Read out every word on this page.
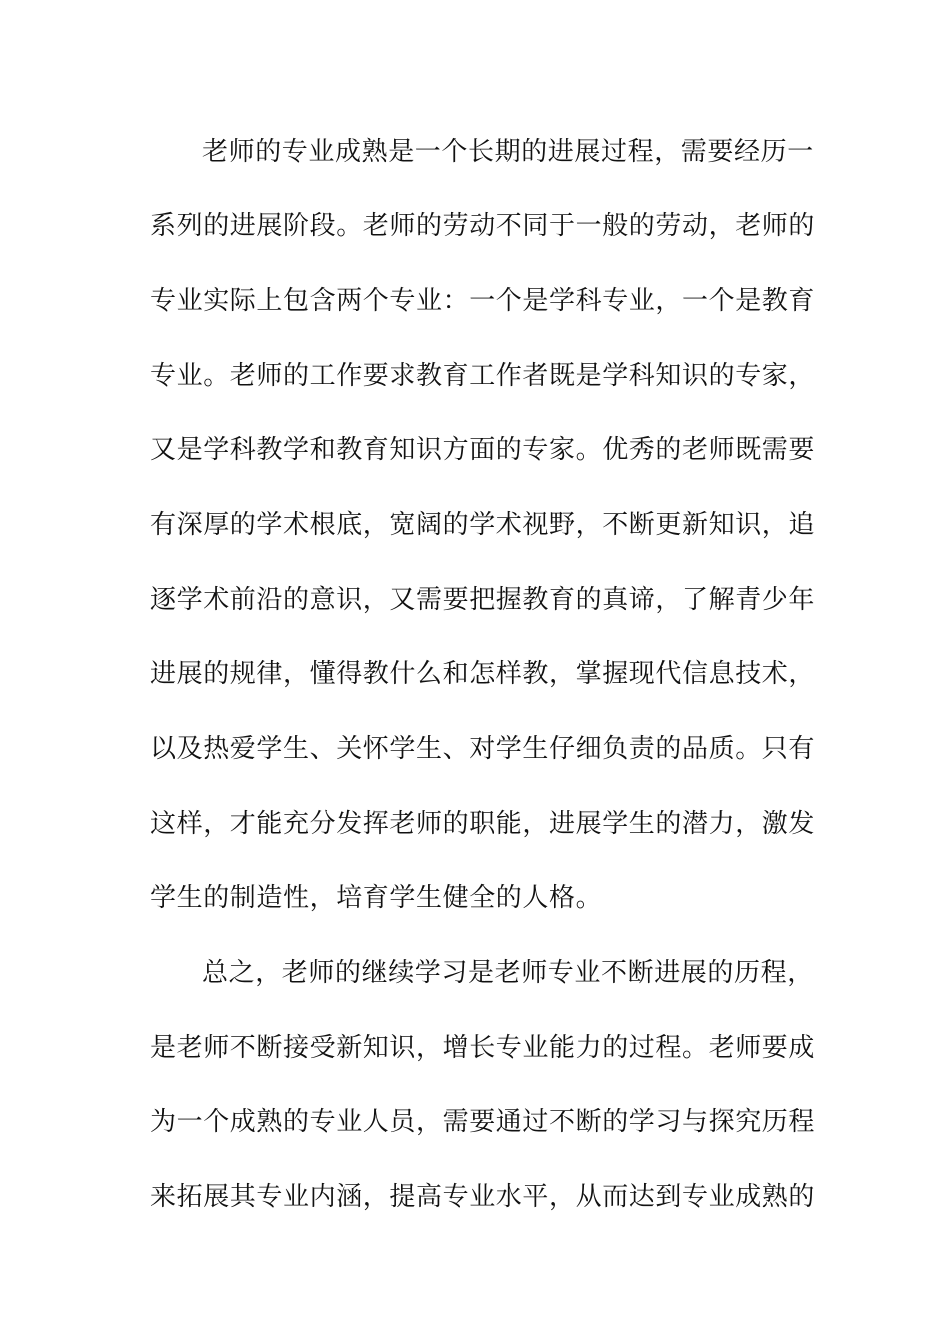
老师的专业成熟是一个长期的进展过程，需要经历一
系列的进展阶段。老师的劳动不同于一般的劳动，老师的
专业实际上包含两个专业：一个是学科专业，一个是教育
专业。老师的工作要求教育工作者既是学科知识的专家，
又是学科教学和教育知识方面的专家。优秀的老师既需要
有深厚的学术根底，宽阔的学术视野，不断更新知识，追
逐学术前沿的意识，又需要把握教育的真谛，了解青少年
进展的规律，懂得教什么和怎样教，掌握现代信息技术，
以及热爱学生、关怀学生、对学生仔细负责的品质。只有
这样，才能充分发挥老师的职能，进展学生的潜力，激发
学生的制造性，培育学生健全的人格。
总之，老师的继续学习是老师专业不断进展的历程，
是老师不断接受新知识，增长专业能力的过程。老师要成
为一个成熟的专业人员，需要通过不断的学习与探究历程
来拓展其专业内涵，提高专业水平，从而达到专业成熟的
